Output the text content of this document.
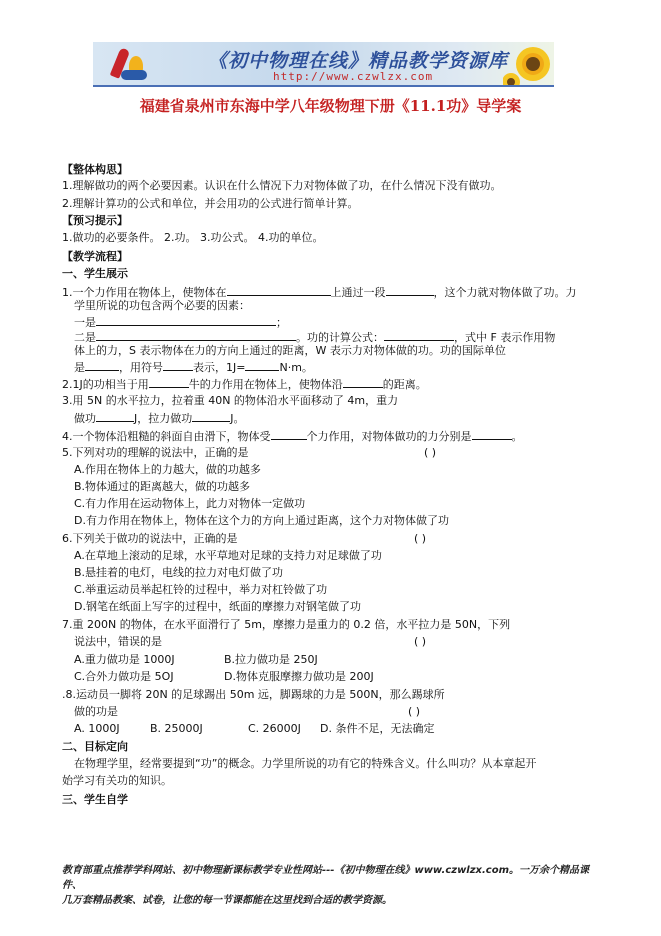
《初中物理在线》精品教学资源库
http://www.czwlzx.com
福建省泉州市东海中学八年级物理下册《11.1功》导学案
【整体构思】
1.理解做功的两个必要因素。认识在什么情况下力对物体做了功，在什么情况下没有做功。
2.理解计算功的公式和单位，并会用功的公式进行简单计算。
【预习提示】
1.做功的必要条件。 2.功。 3.功公式。 4.功的单位。
【教学流程】
一、学生展示
1.一个力作用在物体上，使物体在	上通过一段	，这个力就对物体做了功。力
学里所说的功包含两个必要的因素：
一是	；
二是	。功的计算公式：	，式中 F 表示作用物
体上的力，S 表示物体在力的方向上通过的距离，W 表示力对物体做的功。功的国际单位
是	，用符号	表示，1J=	N·m。
2.1J的功相当于用	牛的力作用在物体上，使物体沿	的距离。
3.用 5N 的水平拉力，拉着重 40N 的物体沿水平面移动了 4m，重力
做功	J，拉力做功	J。
4.一个物体沿粗糙的斜面自由滑下，物体受	个力作用，对物体做功的力分别是	。
5.下列对功的理解的说法中，正确的是	( )
A.作用在物体上的力越大，做的功越多
B.物体通过的距离越大，做的功越多
C.有力作用在运动物体上，此力对物体一定做功
D.有力作用在物体上，物体在这个力的方向上通过距离，这个力对物体做了功
6.下列关于做功的说法中，正确的是	( )
A.在草地上滚动的足球，水平草地对足球的支持力对足球做了功
B.悬挂着的电灯，电线的拉力对电灯做了功
C.举重运动员举起杠铃的过程中，举力对杠铃做了功
D.钢笔在纸面上写字的过程中，纸面的摩擦力对钢笔做了功
7.重 200N 的物体，在水平面滑行了 5m，摩擦力是重力的 0.2 倍，水平拉力是 50N，下列
说法中，错误的是	( )
A.重力做功是 1000J	B.拉力做功是 250J
C.合外力做功是 5OJ	D.物体克服摩擦力做功是 200J
.8.运动员一脚将 20N 的足球踢出 50m 远，脚踢球的力是 500N，那么踢球所
做的功是	( )
A. 1000J	B. 25000J	C. 26000J D. 条件不足，无法确定
二、目标定向
在物理学里，经常要提到“功”的概念。力学里所说的功有它的特殊含义。什么叫功？从本章起开
始学习有关功的知识。
三、学生自学
教育部重点推荐学科网站、初中物理新课标教学专业性网站---《初中物理在线》www.czwlzx.com。一万余个精品课件、
几万套精品教案、试卷，让您的每一节课都能在这里找到合适的教学资源。
